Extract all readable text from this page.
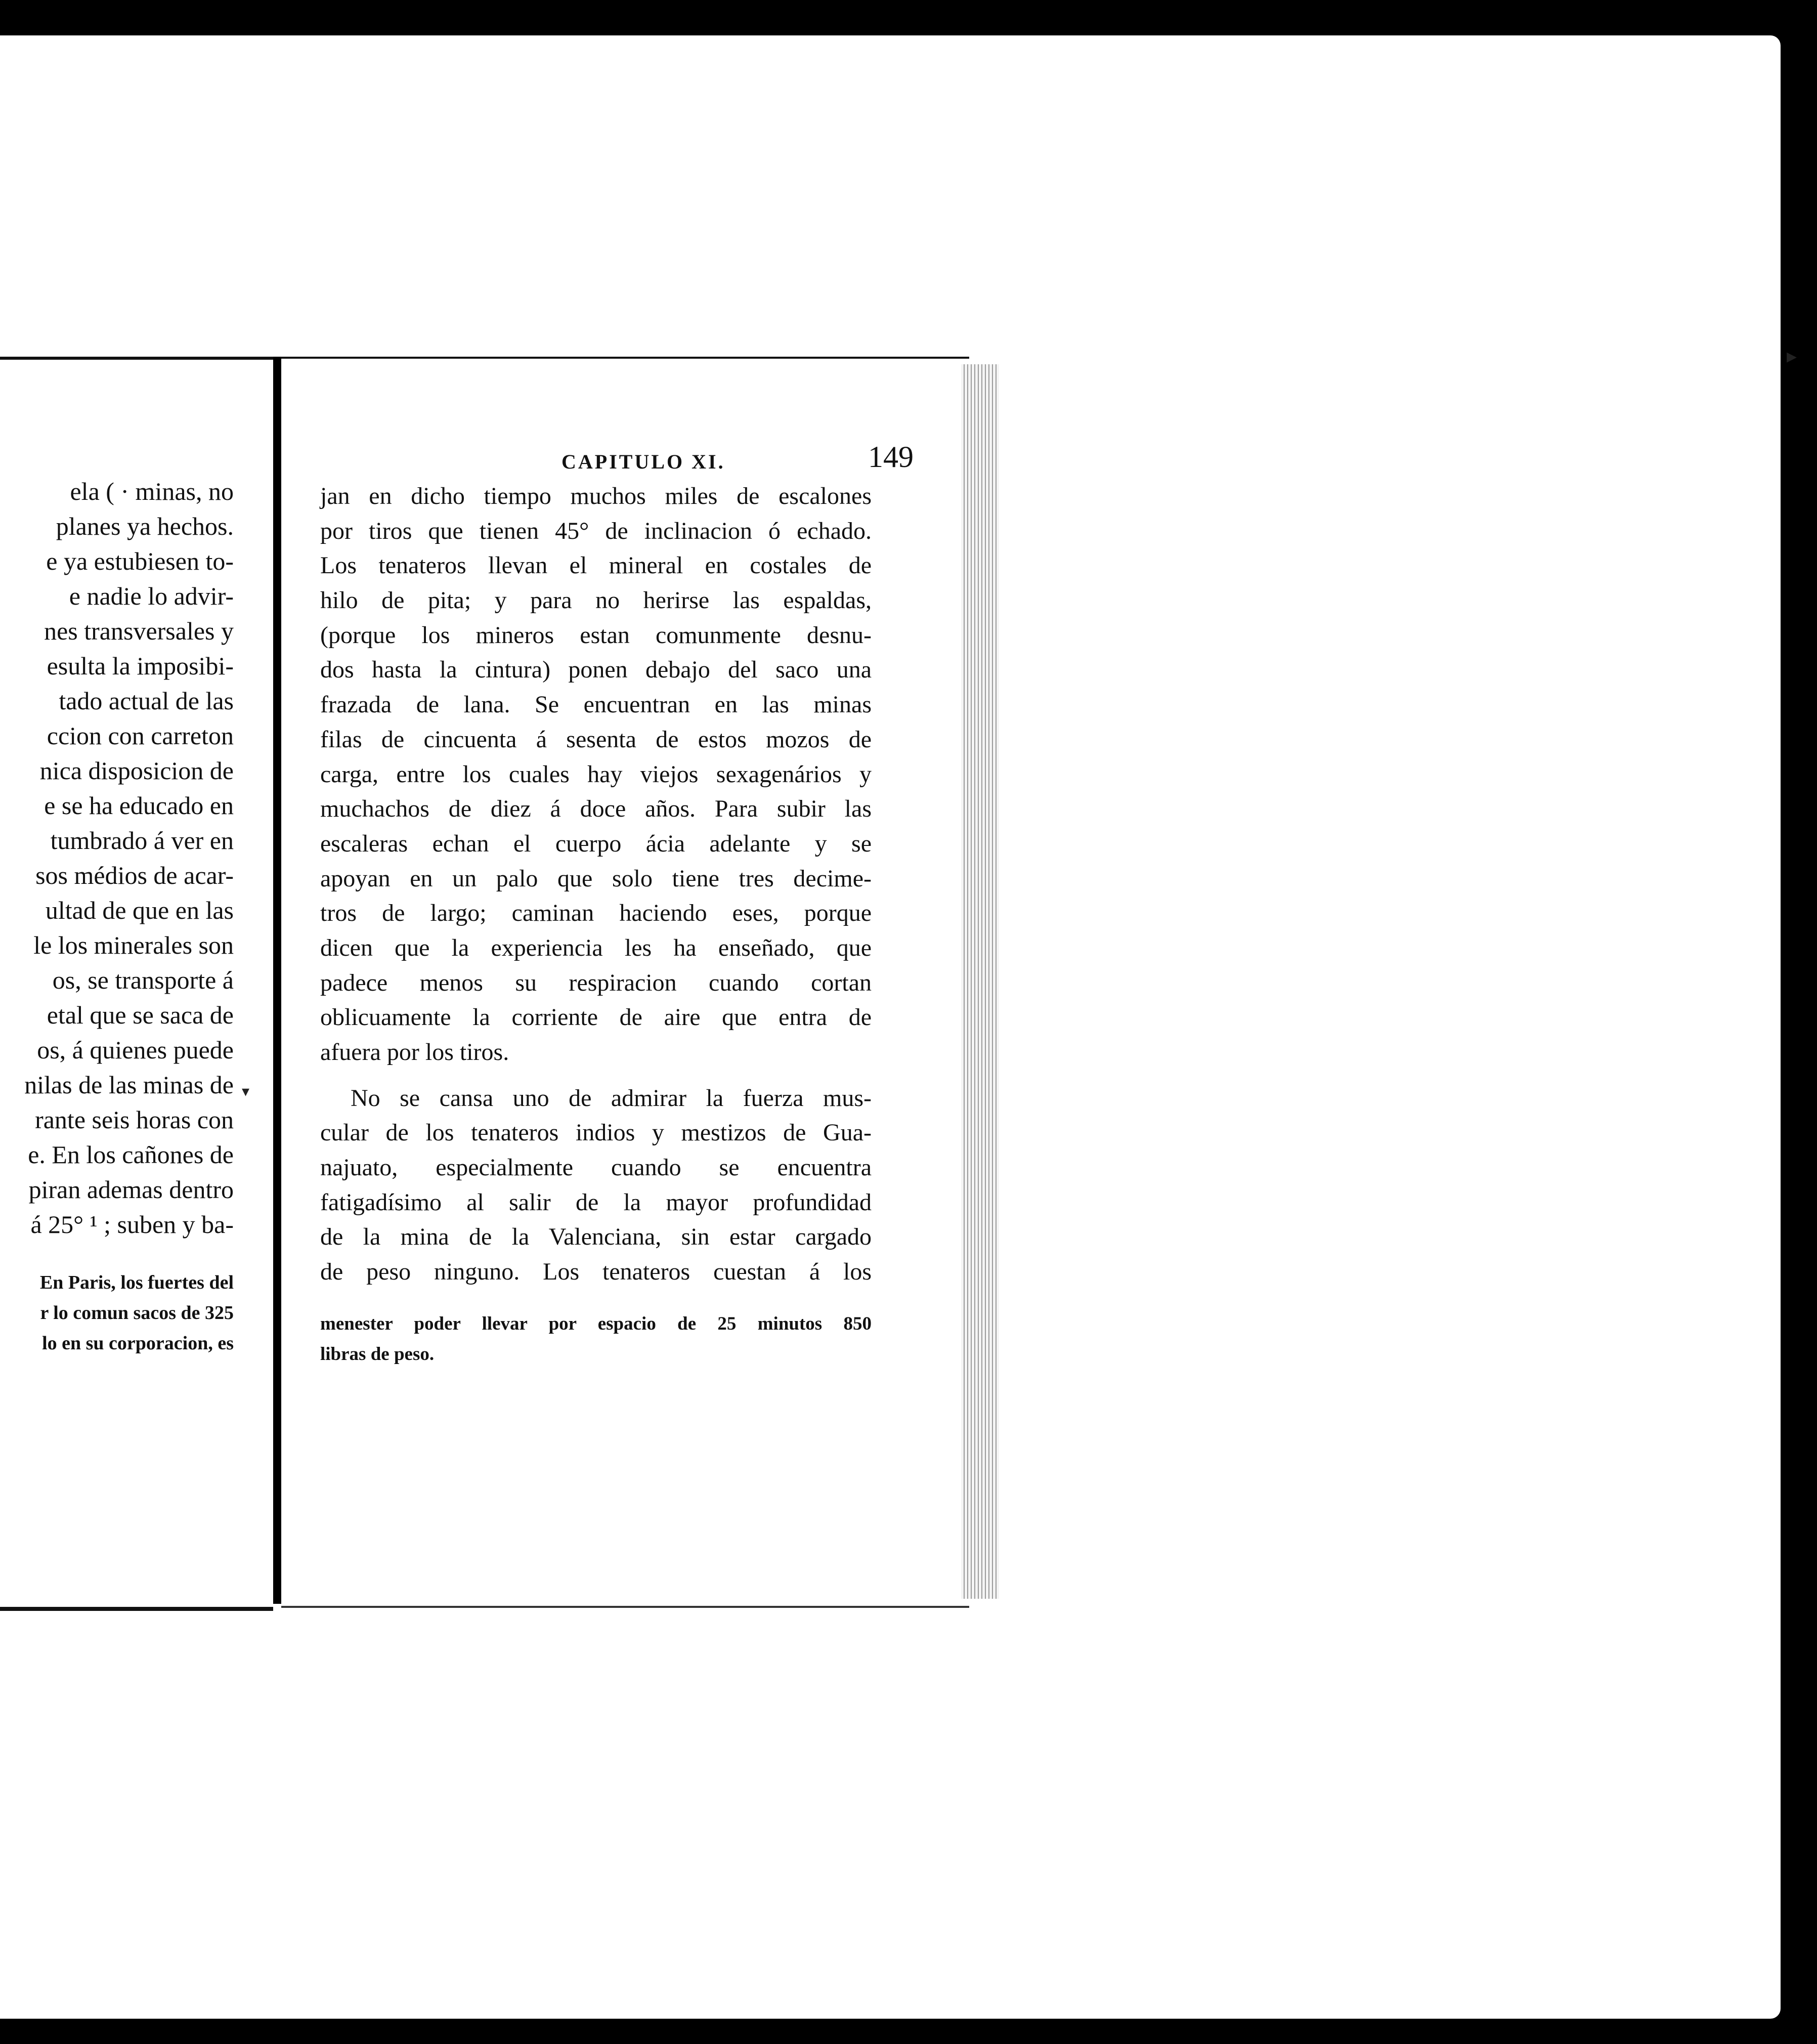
ela ( · minas, no
planes ya hechos.
e ya estubiesen to-
e nadie lo advir-
nes transversales y
esulta la imposibi-
tado actual de las
ccion con carreton
nica disposicion de
e se ha educado en
tumbrado á ver en
sos médios de acar-
ultad de que en las
le los minerales son
os, se transporte á
etal que se saca de
os, á quienes puede
nilas de las minas de
rante seis horas con
e. En los cañones de
piran ademas dentro
á 25° ¹ ; suben y ba-
En Paris, los fuertes del
r lo comun sacos de 325
lo en su corporacion, es
CAPITULO XI.	149
jan en dicho tiempo muchos miles de escalones
por tiros que tienen 45° de inclinacion ó echado.
Los tenateros llevan el mineral en costales de
hilo de pita; y para no herirse las espaldas,
(porque los mineros estan comunmente desnu-
dos hasta la cintura) ponen debajo del saco una
frazada de lana. Se encuentran en las minas
filas de cincuenta á sesenta de estos mozos de
carga, entre los cuales hay viejos sexagenários y
muchachos de diez á doce años. Para subir las
escaleras echan el cuerpo ácia adelante y se
apoyan en un palo que solo tiene tres decime-
tros de largo; caminan haciendo eses, porque
dicen que la experiencia les ha enseñado, que
padece menos su respiracion cuando cortan
oblicuamente la corriente de aire que entra de
afuera por los tiros.
No se cansa uno de admirar la fuerza mus-
cular de los tenateros indios y mestizos de Gua-
najuato, especialmente cuando se encuentra
fatigadísimo al salir de la mayor profundidad
de la mina de la Valenciana, sin estar cargado
de peso ninguno. Los tenateros cuestan á los
menester poder llevar por espacio de 25 minutos 850
libras de peso.
▸
▾
